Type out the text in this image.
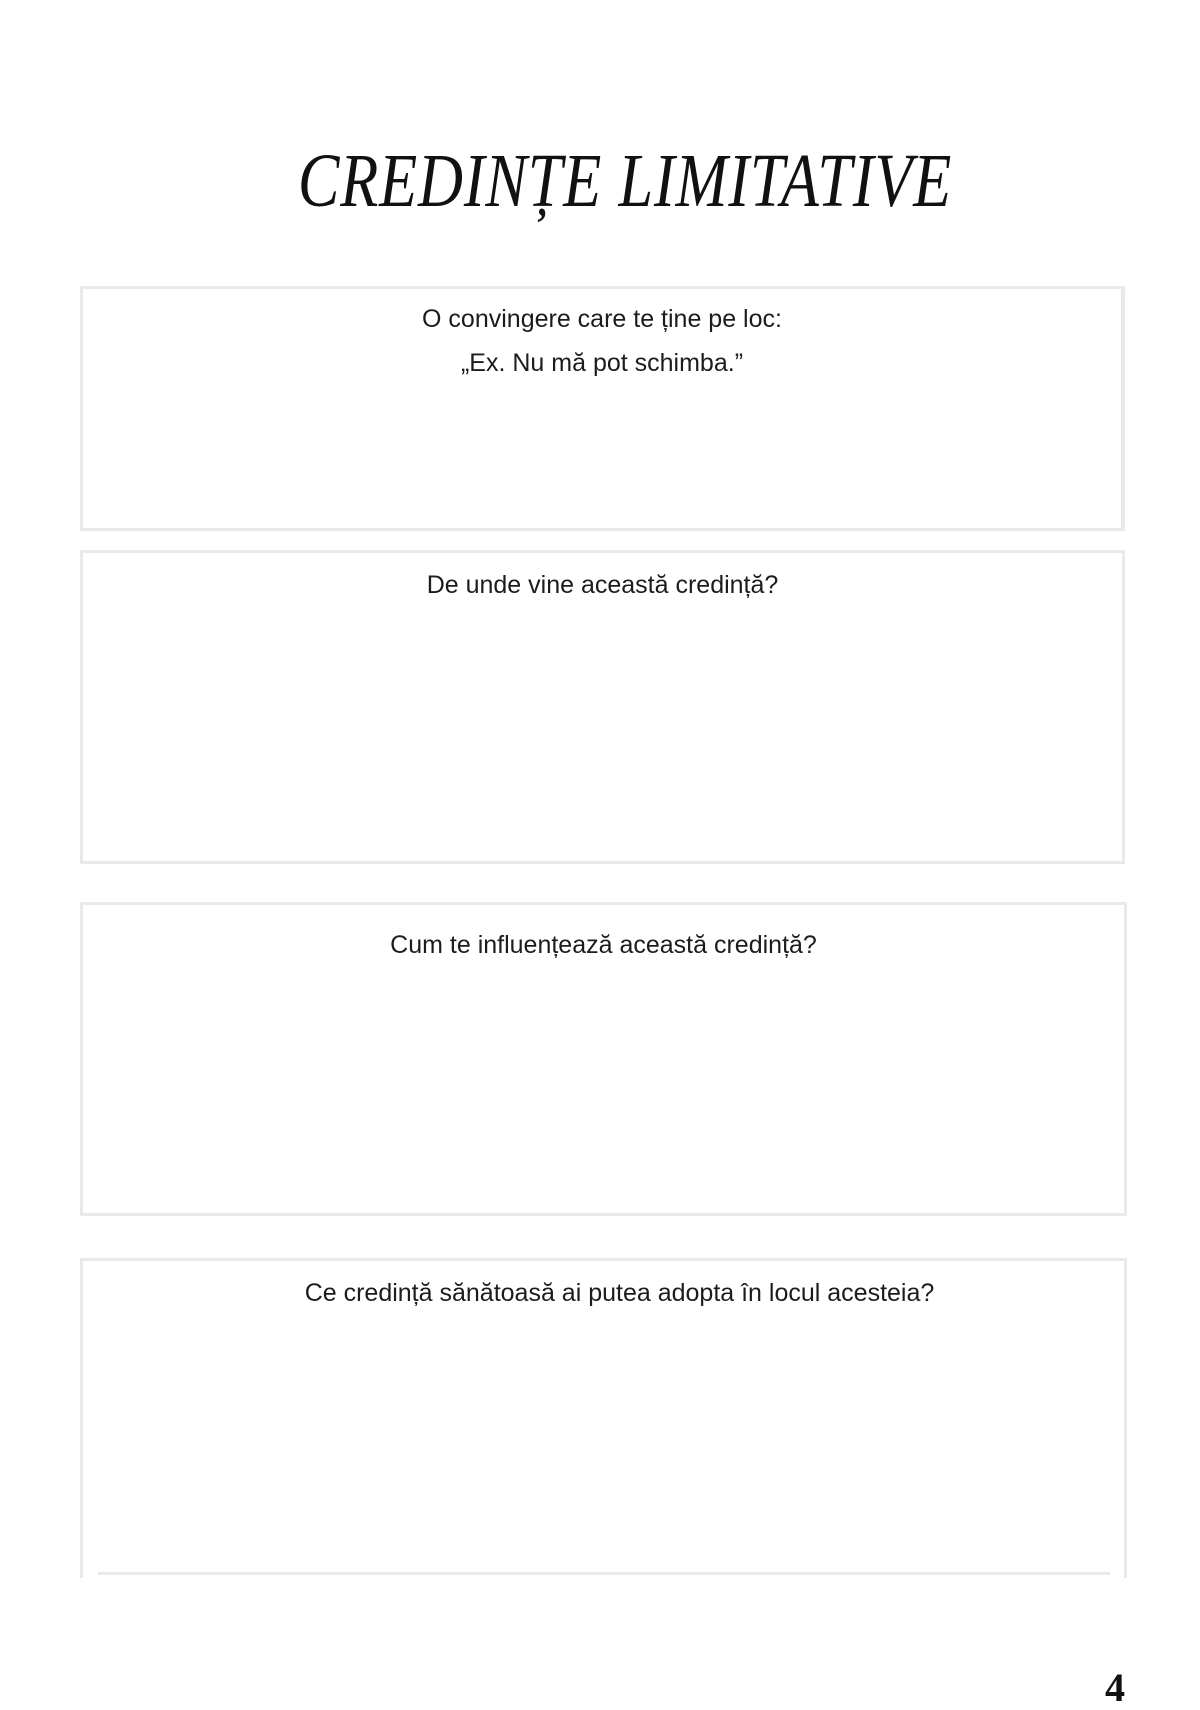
CREDINȚE LIMITATIVE
O convingere care te ține pe loc:
„Ex. Nu mă pot schimba.”
De unde vine această credință?
Cum te influențează această credință?
Ce credință sănătoasă ai putea adopta în locul acesteia?
4
